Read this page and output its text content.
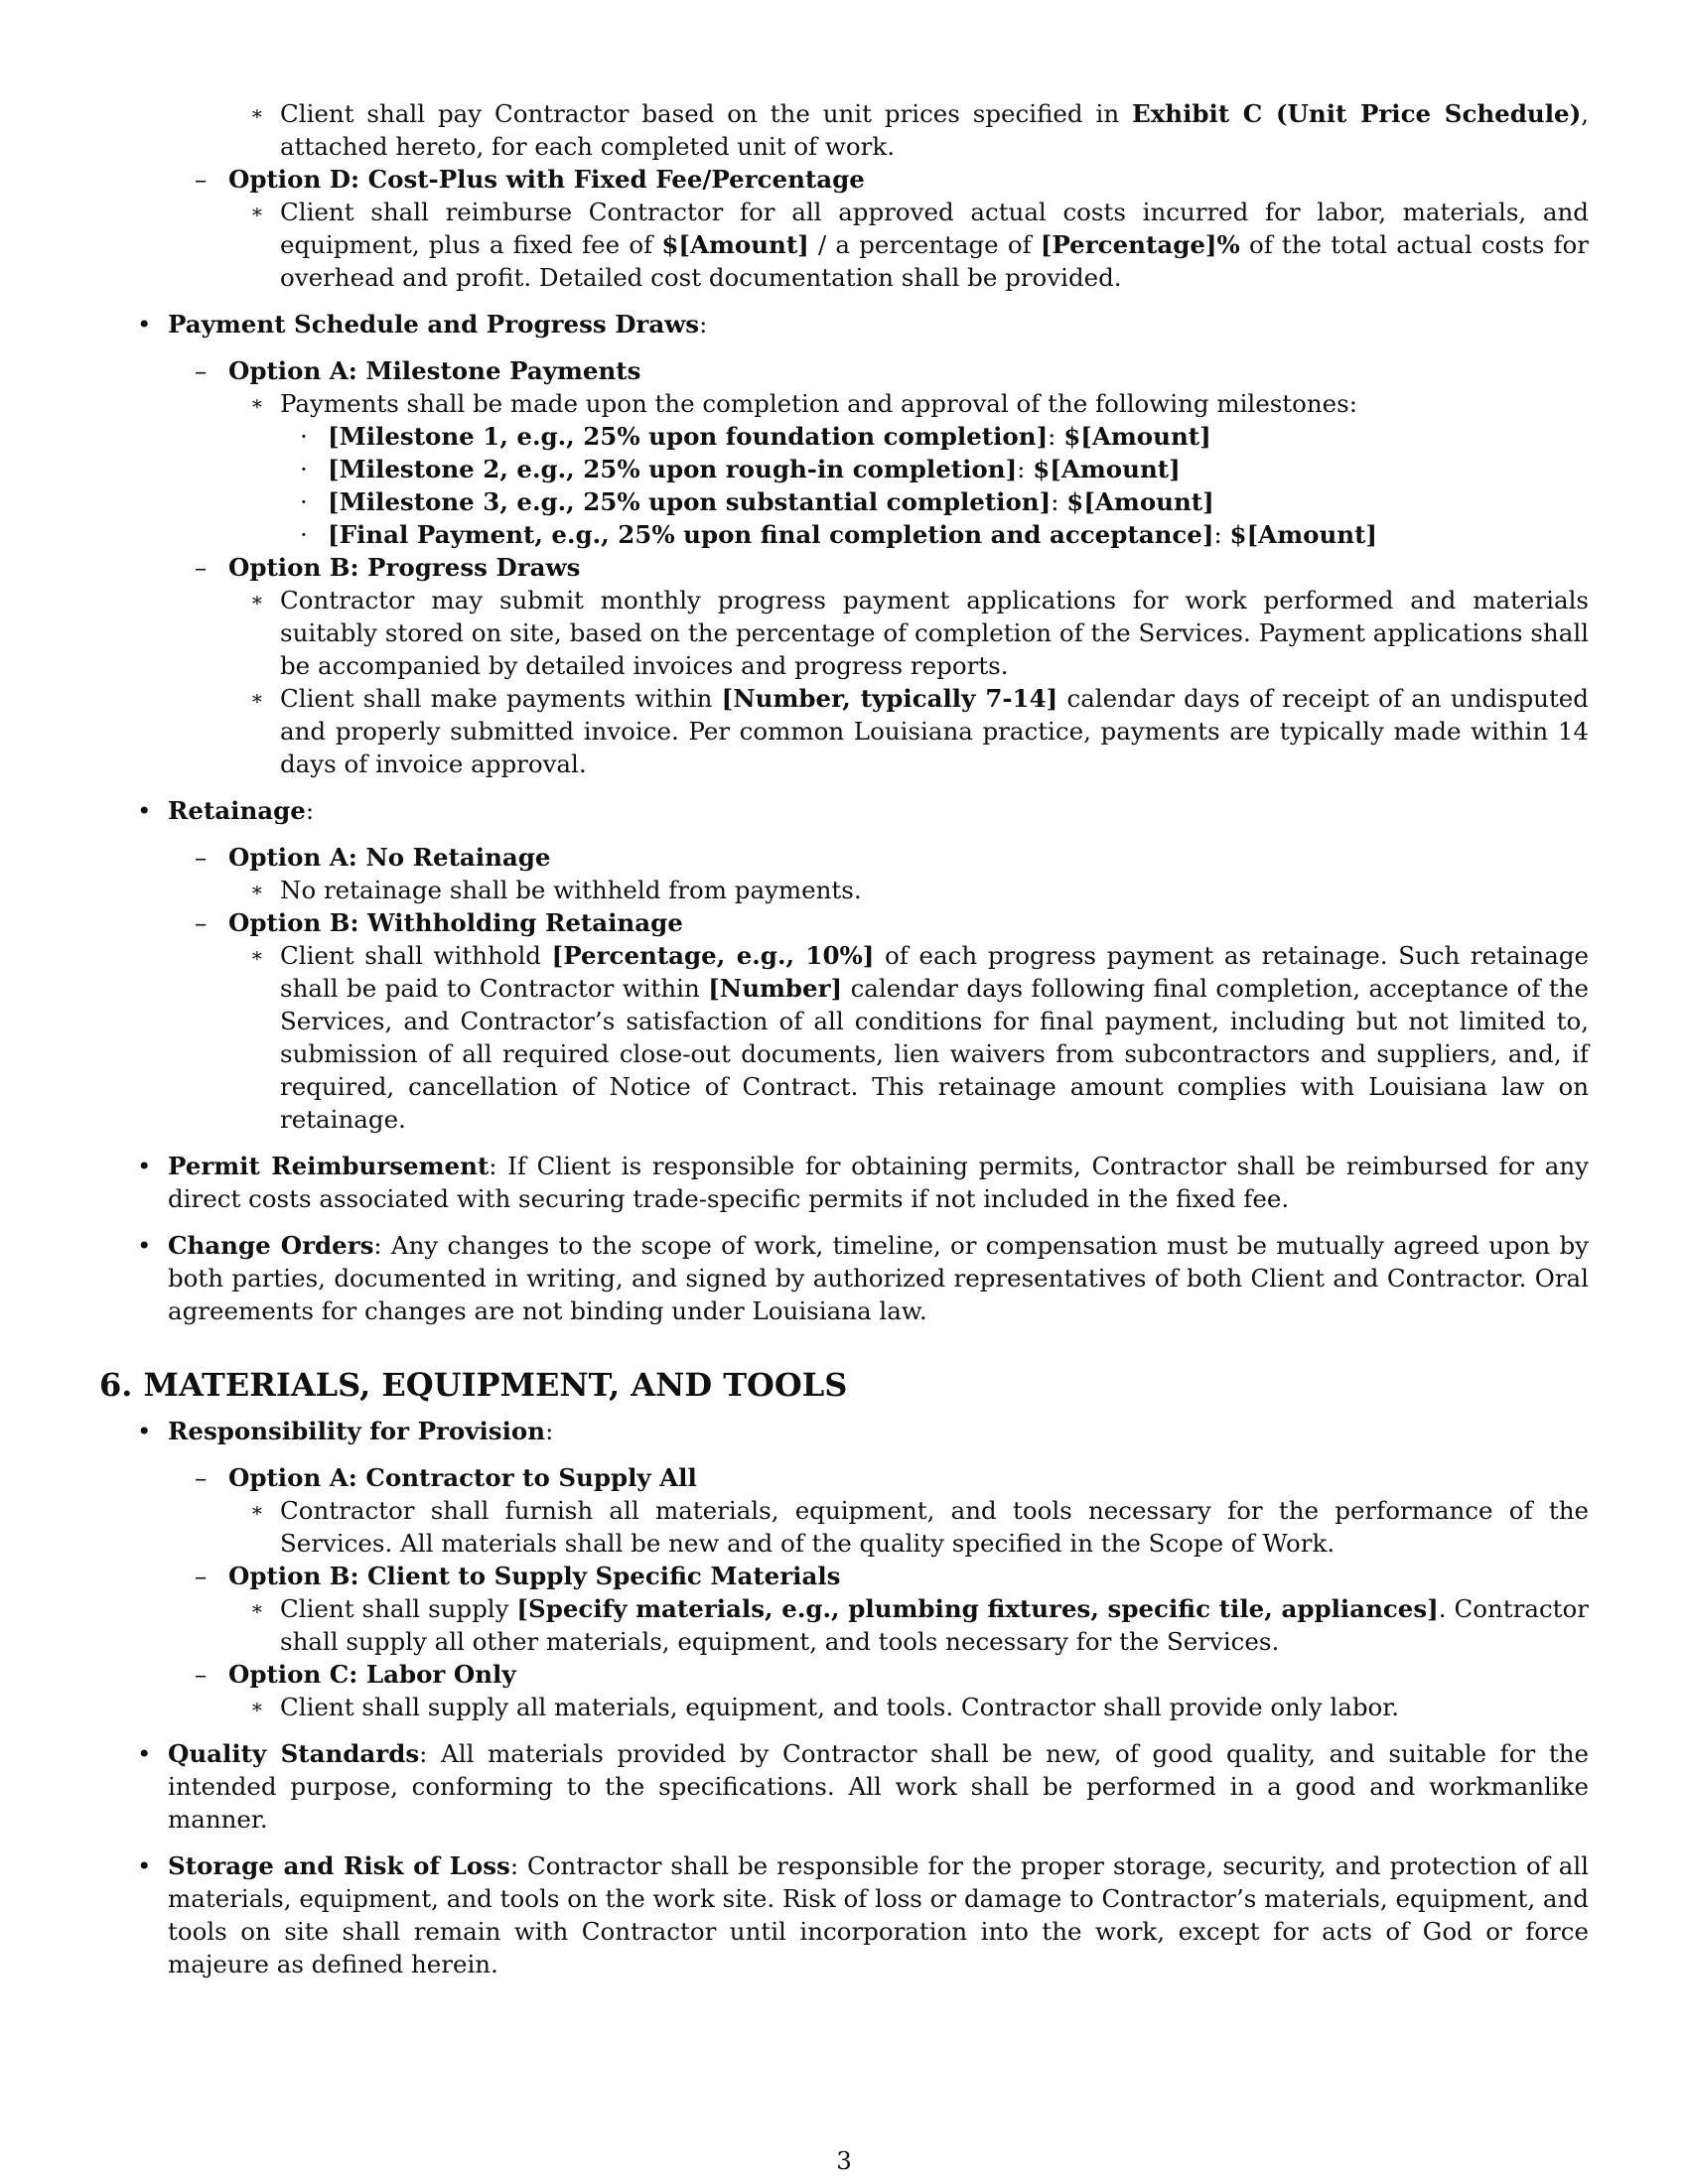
∗ Client shall pay Contractor based on the unit prices specified in Exhibit C (Unit Price Schedule), attached hereto, for each completed unit of work.
– Option D: Cost-Plus with Fixed Fee/Percentage
∗ Client shall reimburse Contractor for all approved actual costs incurred for labor, materials, and equipment, plus a fixed fee of $[Amount] / a percentage of [Percentage]% of the total actual costs for overhead and profit. Detailed cost documentation shall be provided.
• Payment Schedule and Progress Draws:
– Option A: Milestone Payments
∗ Payments shall be made upon the completion and approval of the following milestones:
· [Milestone 1, e.g., 25% upon foundation completion]: $[Amount]
· [Milestone 2, e.g., 25% upon rough-in completion]: $[Amount]
· [Milestone 3, e.g., 25% upon substantial completion]: $[Amount]
· [Final Payment, e.g., 25% upon final completion and acceptance]: $[Amount]
– Option B: Progress Draws
∗ Contractor may submit monthly progress payment applications for work performed and materials suitably stored on site, based on the percentage of completion of the Services. Payment applications shall be accompanied by detailed invoices and progress reports.
∗ Client shall make payments within [Number, typically 7-14] calendar days of receipt of an undisputed and properly submitted invoice. Per common Louisiana practice, payments are typically made within 14 days of invoice approval.
• Retainage:
– Option A: No Retainage
∗ No retainage shall be withheld from payments.
– Option B: Withholding Retainage
∗ Client shall withhold [Percentage, e.g., 10%] of each progress payment as retainage. Such retainage shall be paid to Contractor within [Number] calendar days following final completion, acceptance of the Services, and Contractor’s satisfaction of all conditions for final payment, including but not limited to, submission of all required close-out documents, lien waivers from subcontractors and suppliers, and, if required, cancellation of Notice of Contract. This retainage amount complies with Louisiana law on retainage.
• Permit Reimbursement: If Client is responsible for obtaining permits, Contractor shall be reimbursed for any direct costs associated with securing trade-specific permits if not included in the fixed fee.
• Change Orders: Any changes to the scope of work, timeline, or compensation must be mutually agreed upon by both parties, documented in writing, and signed by authorized representatives of both Client and Contractor. Oral agreements for changes are not binding under Louisiana law.
6. MATERIALS, EQUIPMENT, AND TOOLS
• Responsibility for Provision:
– Option A: Contractor to Supply All
∗ Contractor shall furnish all materials, equipment, and tools necessary for the performance of the Services. All materials shall be new and of the quality specified in the Scope of Work.
– Option B: Client to Supply Specific Materials
∗ Client shall supply [Specify materials, e.g., plumbing fixtures, specific tile, appliances]. Contractor shall supply all other materials, equipment, and tools necessary for the Services.
– Option C: Labor Only
∗ Client shall supply all materials, equipment, and tools. Contractor shall provide only labor.
• Quality Standards: All materials provided by Contractor shall be new, of good quality, and suitable for the intended purpose, conforming to the specifications. All work shall be performed in a good and workmanlike manner.
• Storage and Risk of Loss: Contractor shall be responsible for the proper storage, security, and protection of all materials, equipment, and tools on the work site. Risk of loss or damage to Contractor’s materials, equipment, and tools on site shall remain with Contractor until incorporation into the work, except for acts of God or force majeure as defined herein.
3
